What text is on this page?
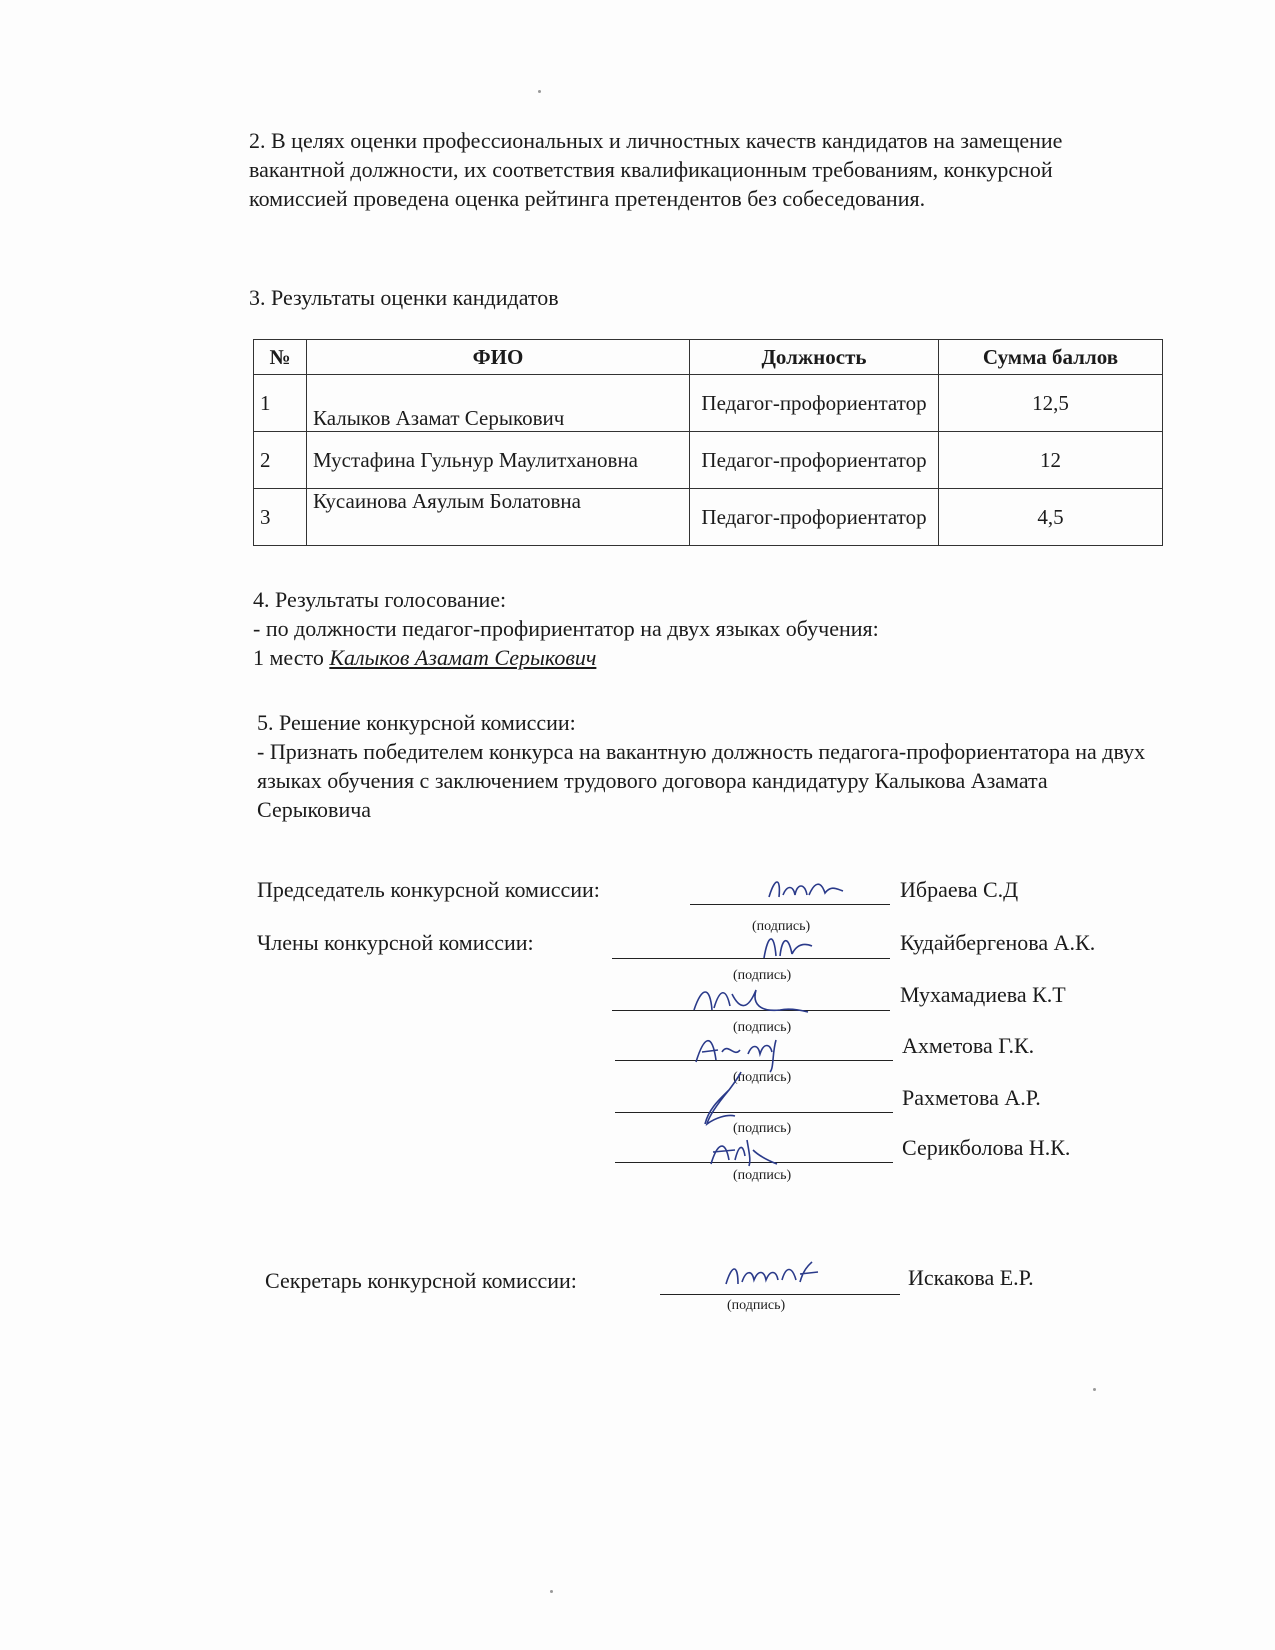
2. В целях оценки профессиональных и личностных качеств кандидатов на замещение вакантной должности, их соответствия квалификационным требованиям, конкурсной комиссией проведена оценка рейтинга претендентов без собеседования.
3. Результаты оценки кандидатов
№	ФИО	Должность	Сумма баллов
1	Калыков Азамат Серыкович	Педагог-профориентатор	12,5
2	Мустафина Гульнур Маулитхановна	Педагог-профориентатор	12
3	Кусаинова Аяулым Болатовна	Педагог-профориентатор	4,5
4. Результаты голосование:
- по должности педагог-профириентатор на двух языках обучения:
1 место Калыков Азамат Серыкович
5. Решение конкурсной комиссии:
- Признать победителем конкурса на вакантную должность педагога-профориентатора на двух языках обучения с заключением трудового договора кандидатуру Калыкова Азамата Серыковича
Председатель конкурсной комиссии:
(подпись)
Ибраева С.Д
Члены конкурсной комиссии:
(подпись)
Кудайбергенова А.К.
(подпись)
Мухамадиева К.Т
(подпись)
Ахметова Г.К.
(подпись)
Рахметова А.Р.
(подпись)
Серикболова Н.К.
Секретарь конкурсной комиссии:
(подпись)
Искакова Е.Р.
